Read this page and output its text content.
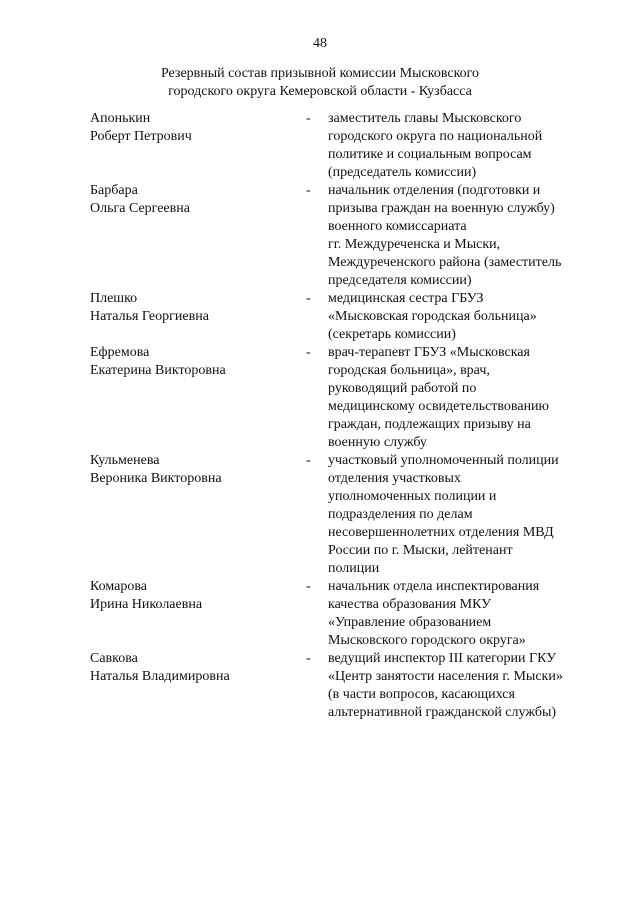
48
Резервный состав призывной комиссии Мысковского
городского округа Кемеровской области - Кузбасса
Апонькин
Роберт Петрович
- заместитель главы Мысковского
городского округа по национальной
политике и социальным вопросам
(председатель комиссии)
Барбара
Ольга Сергеевна
- начальник отделения (подготовки и
призыва граждан на военную службу)
военного комиссариата
гг. Междуреченска и Мыски,
Междуреченского района (заместитель
председателя комиссии)
Плешко
Наталья Георгиевна
- медицинская сестра ГБУЗ
«Мысковская городская больница»
(секретарь комиссии)
Ефремова
Екатерина Викторовна
- врач-терапевт ГБУЗ «Мысковская
городская больница», врач,
руководящий работой по
медицинскому освидетельствованию
граждан, подлежащих призыву на
военную службу
Кульменева
Вероника Викторовна
- участковый уполномоченный полиции
отделения участковых
уполномоченных полиции и
подразделения по делам
несовершеннолетних отделения МВД
России по г. Мыски, лейтенант
полиции
Комарова
Ирина Николаевна
- начальник отдела инспектирования
качества образования МКУ
«Управление образованием
Мысковского городского округа»
Савкова
Наталья Владимировна
- ведущий инспектор III категории ГКУ
«Центр занятости населения г. Мыски»
(в части вопросов, касающихся
альтернативной гражданской службы)
